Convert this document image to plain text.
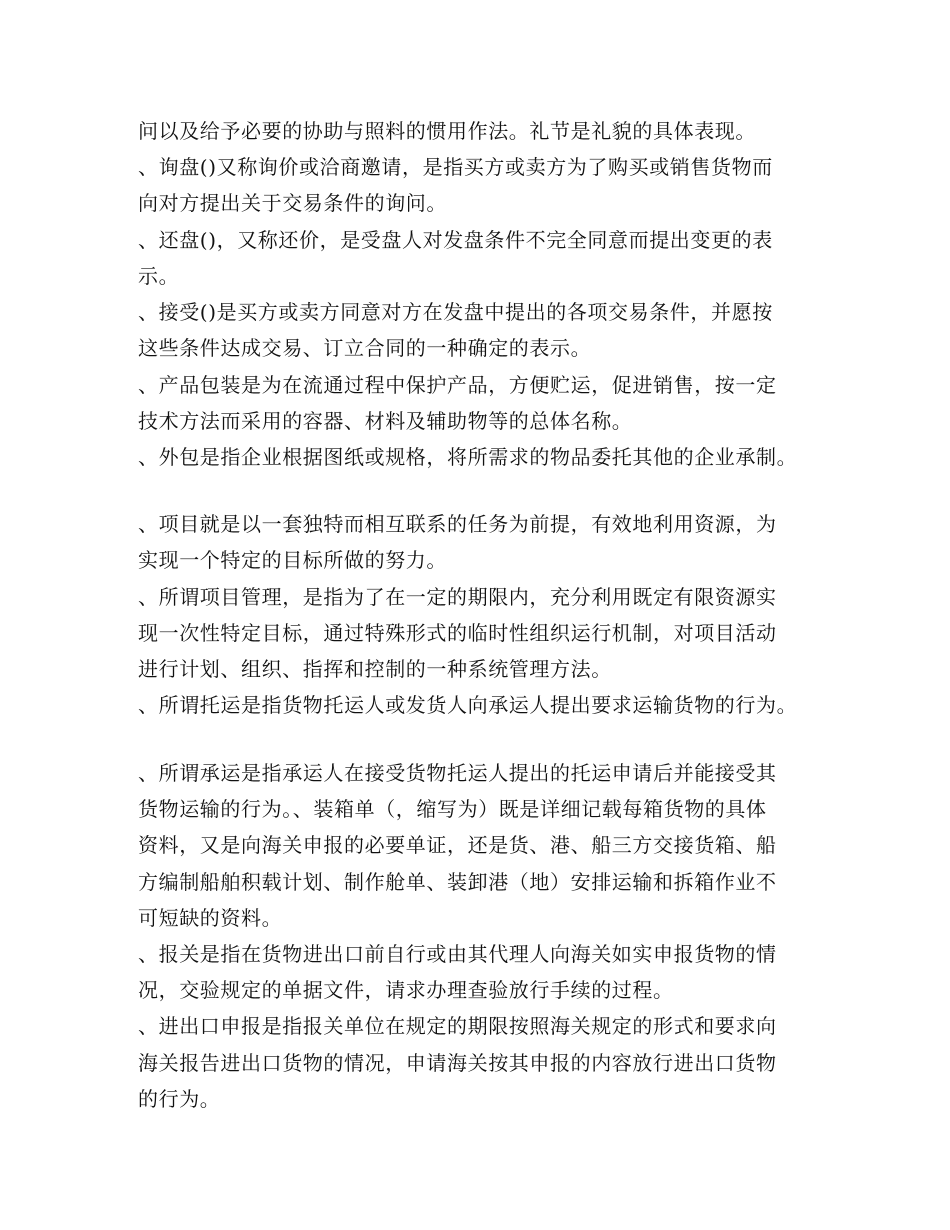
问以及给予必要的协助与照料的惯用作法。礼节是礼貌的具体表现。
、询盘()又称询价或洽商邀请，是指买方或卖方为了购买或销售货物而
向对方提出关于交易条件的询问。
、还盘()，又称还价，是受盘人对发盘条件不完全同意而提出变更的表
示。
、接受()是买方或卖方同意对方在发盘中提出的各项交易条件，并愿按
这些条件达成交易、订立合同的一种确定的表示。
、产品包装是为在流通过程中保护产品，方便贮运，促进销售，按一定
技术方法而采用的容器、材料及辅助物等的总体名称。
、外包是指企业根据图纸或规格，将所需求的物品委托其他的企业承制。
、项目就是以一套独特而相互联系的任务为前提，有效地利用资源，为
实现一个特定的目标所做的努力。
、所谓项目管理，是指为了在一定的期限内，充分利用既定有限资源实
现一次性特定目标，通过特殊形式的临时性组织运行机制，对项目活动
进行计划、组织、指挥和控制的一种系统管理方法。
、所谓托运是指货物托运人或发货人向承运人提出要求运输货物的行为。
、所谓承运是指承运人在接受货物托运人提出的托运申请后并能接受其
货物运输的行为。、装箱单（，缩写为）既是详细记载每箱货物的具体
资料，又是向海关申报的必要单证，还是货、港、船三方交接货箱、船
方编制船舶积载计划、制作舱单、装卸港（地）安排运输和拆箱作业不
可短缺的资料。
、报关是指在货物进出口前自行或由其代理人向海关如实申报货物的情
况，交验规定的单据文件，请求办理查验放行手续的过程。
、进出口申报是指报关单位在规定的期限按照海关规定的形式和要求向
海关报告进出口货物的情况，申请海关按其申报的内容放行进出口货物
的行为。
